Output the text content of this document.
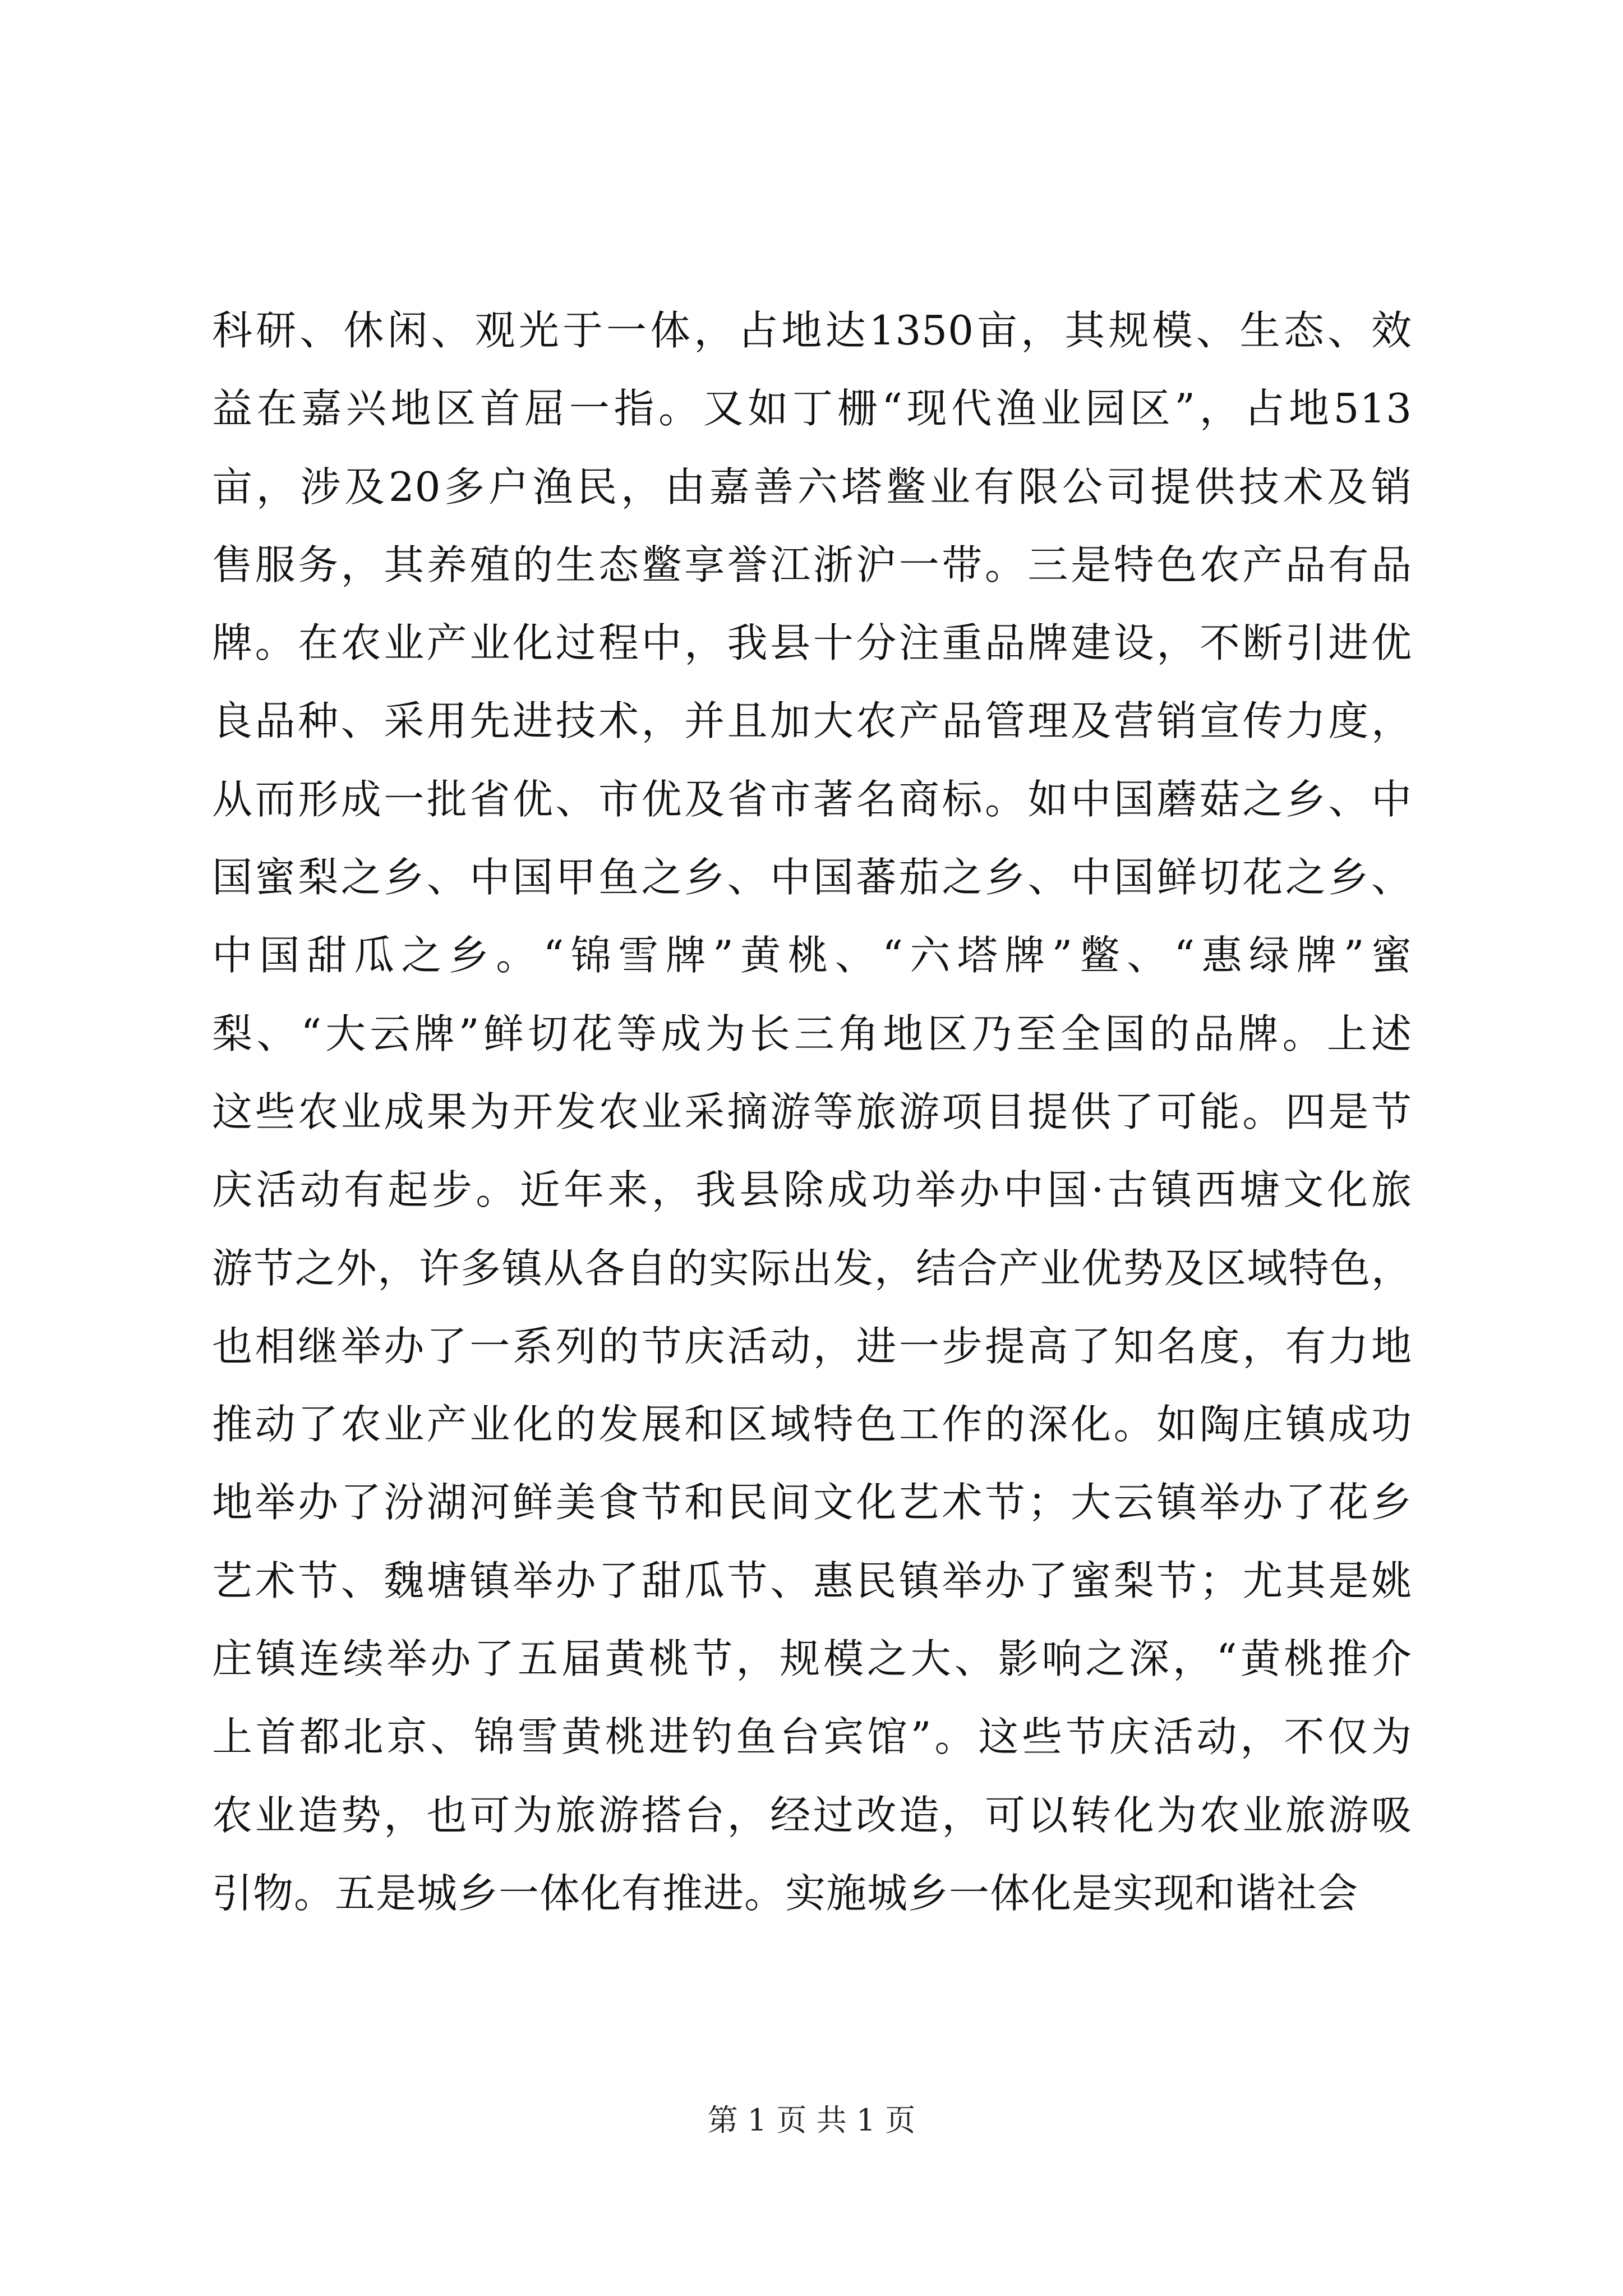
科研、休闲、观光于一体，占地达1350亩，其规模、生态、效
益在嘉兴地区首屈一指。又如丁栅“现代渔业园区”，占地513
亩，涉及20多户渔民，由嘉善六塔鳖业有限公司提供技术及销
售服务，其养殖的生态鳖享誉江浙沪一带。三是特色农产品有品
牌。在农业产业化过程中，我县十分注重品牌建设，不断引进优
良品种、采用先进技术，并且加大农产品管理及营销宣传力度，
从而形成一批省优、市优及省市著名商标。如中国蘑菇之乡、中
国蜜梨之乡、中国甲鱼之乡、中国蕃茄之乡、中国鲜切花之乡、
中国甜瓜之乡。“锦雪牌”黄桃、“六塔牌”鳖、“惠绿牌”蜜
梨、“大云牌”鲜切花等成为长三角地区乃至全国的品牌。上述
这些农业成果为开发农业采摘游等旅游项目提供了可能。四是节
庆活动有起步。近年来，我县除成功举办中国·古镇西塘文化旅
游节之外，许多镇从各自的实际出发，结合产业优势及区域特色，
也相继举办了一系列的节庆活动，进一步提高了知名度，有力地
推动了农业产业化的发展和区域特色工作的深化。如陶庄镇成功
地举办了汾湖河鲜美食节和民间文化艺术节；大云镇举办了花乡
艺术节、魏塘镇举办了甜瓜节、惠民镇举办了蜜梨节；尤其是姚
庄镇连续举办了五届黄桃节，规模之大、影响之深，“黄桃推介
上首都北京、锦雪黄桃进钓鱼台宾馆”。这些节庆活动，不仅为
农业造势，也可为旅游搭台，经过改造，可以转化为农业旅游吸
引物。五是城乡一体化有推进。实施城乡一体化是实现和谐社会
第 1 页 共 1 页
